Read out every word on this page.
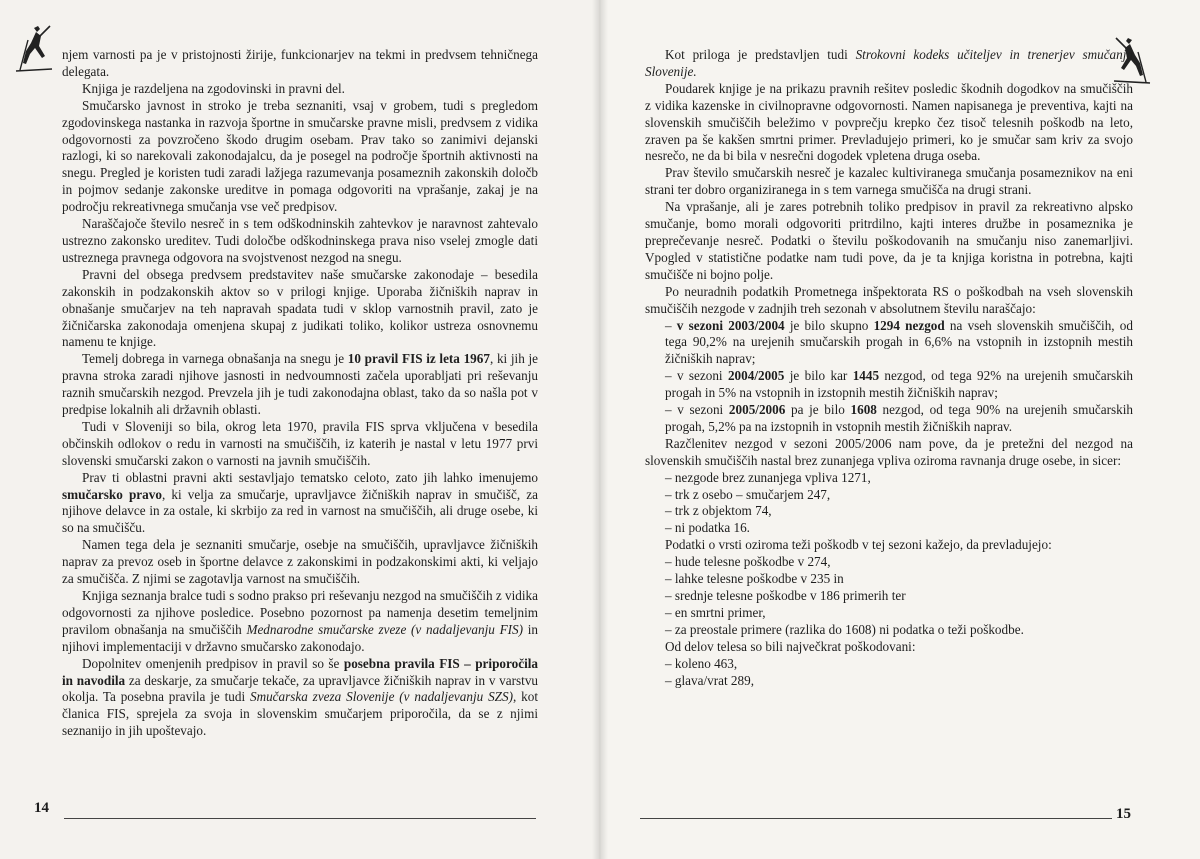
njem varnosti pa je v pristojnosti žirije, funkcionarjev na tekmi in predvsem tehničnega delegata.

Knjiga je razdeljena na zgodovinski in pravni del.

Smučarsko javnost in stroko je treba seznaniti, vsaj v grobem, tudi s pregledom zgodovinskega nastanka in razvoja športne in smučarske pravne misli, predvsem z vidika odgovornosti za povzročeno škodo drugim osebam. Prav tako so zanimivi dejanski razlogi, ki so narekovali zakonodajalcu, da je posegel na področje športnih aktivnosti na snegu. Pregled je koristen tudi zaradi lažjega razumevanja posameznih zakonskih določb in pojmov sedanje zakonske ureditve in pomaga odgovoriti na vprašanje, zakaj je na področju rekreativnega smučanja vse več predpisov.

Naraščajoče število nesreč in s tem odškodninskih zahtevkov je naravnost zahtevalo ustrezno zakonsko ureditev. Tudi določbe odškodninskega prava niso vselej zmogle dati ustreznega pravnega odgovora na svojstvenost nezgod na snegu.

Pravni del obsega predvsem predstavitev naše smučarske zakonodaje – besedila zakonskih in podzakonskih aktov so v prilogi knjige. Uporaba žičniških naprav in obnašanje smučarjev na teh napravah spadata tudi v sklop varnostnih pravil, zato je žičničarska zakonodaja omenjena skupaj z judikati toliko, kolikor ustreza osnovnemu namenu te knjige.

Temelj dobrega in varnega obnašanja na snegu je 10 pravil FIS iz leta 1967, ki jih je pravna stroka zaradi njihove jasnosti in nedvoumnosti začela uporabljati pri reševanju raznih smučarskih nezgod. Prevzela jih je tudi zakonodajna oblast, tako da so našla pot v predpise lokalnih ali državnih oblasti.

Tudi v Sloveniji so bila, okrog leta 1970, pravila FIS sprva vključena v besedila občinskih odlokov o redu in varnosti na smučiščih, iz katerih je nastal v letu 1977 prvi slovenski smučarski zakon o varnosti na javnih smučiščih.

Prav ti oblastni pravni akti sestavljajo tematsko celoto, zato jih lahko imenujemo smučarsko pravo, ki velja za smučarje, upravljavce žičniških naprav in smučišč, za njihove delavce in za ostale, ki skrbijo za red in varnost na smučiščih, ali druge osebe, ki so na smučišču.

Namen tega dela je seznaniti smučarje, osebje na smučiščih, upravljavce žičniških naprav za prevoz oseb in športne delavce z zakonskimi in podzakonskimi akti, ki veljajo za smučišča. Z njimi se zagotavlja varnost na smučiščih.

Knjiga seznanja bralce tudi s sodno prakso pri reševanju nezgod na smučiščih z vidika odgovornosti za njihove posledice. Posebno pozornost pa namenja desetim temeljnim pravilom obnašanja na smučiščih Mednarodne smučarske zveze (v nadaljevanju FIS) in njihovi implementaciji v državno smučarsko zakonodajo.

Dopolnitev omenjenih predpisov in pravil so še posebna pravila FIS – priporočila in navodila za deskarje, za smučarje tekače, za upravljavce žičniških naprav in v varstvu okolja. Ta posebna pravila je tudi Smučarska zveza Slovenije (v nadaljevanju SZS), kot članica FIS, sprejela za svoja in slovenskim smučarjem priporočila, da se z njimi seznanijo in jih upoštevajo.

14

Kot priloga je predstavljen tudi Strokovni kodeks učiteljev in trenerjev smučanja Slovenije.

Poudarek knjige je na prikazu pravnih rešitev posledic škodnih dogodkov na smučiščih z vidika kazenske in civilnopravne odgovornosti. Namen napisanega je preventiva, kajti na slovenskih smučiščih beležimo v povprečju krepko čez tisoč telesnih poškodb na leto, zraven pa še kakšen smrtni primer. Prevladujejo primeri, ko je smučar sam kriv za svojo nesrečo, ne da bi bila v nesrečni dogodek vpletena druga oseba.

Prav število smučarskih nesreč je kazalec kultiviranega smučanja posameznikov na eni strani ter dobro organiziranega in s tem varnega smučišča na drugi strani.

Na vprašanje, ali je zares potrebnih toliko predpisov in pravil za rekreativno alpsko smučanje, bomo morali odgovoriti pritrdilno, kajti interes družbe in posameznika je preprečevanje nesreč. Podatki o številu poškodovanih na smučanju niso zanemarljivi. Vpogled v statistične podatke nam tudi pove, da je ta knjiga koristna in potrebna, kajti smučišče ni bojno polje.

Po neuradnih podatkih Prometnega inšpektorata RS o poškodbah na vseh slovenskih smučiščih nezgode v zadnjih treh sezonah v absolutnem številu naraščajo:

– v sezoni 2003/2004 je bilo skupno 1294 nezgod na vseh slovenskih smučiščih, od tega 90,2% na urejenih smučarskih progah in 6,6% na vstopnih in izstopnih mestih žičniških naprav;

– v sezoni 2004/2005 je bilo kar 1445 nezgod, od tega 92% na urejenih smučarskih progah in 5% na vstopnih in izstopnih mestih žičniških naprav;

– v sezoni 2005/2006 pa je bilo 1608 nezgod, od tega 90% na urejenih smučarskih progah, 5,2% pa na izstopnih in vstopnih mestih žičniških naprav.

Razčlenitev nezgod v sezoni 2005/2006 nam pove, da je pretežni del nezgod na slovenskih smučiščih nastal brez zunanjega vpliva oziroma ravnanja druge osebe, in sicer:

– nezgode brez zunanjega vpliva 1271,

– trk z osebo – smučarjem 247,

– trk z objektom 74,

– ni podatka 16.

Podatki o vrsti oziroma teži poškodb v tej sezoni kažejo, da prevladujejo:

– hude telesne poškodbe v 274,

– lahke telesne poškodbe v 235 in

– srednje telesne poškodbe v 186 primerih ter

– en smrtni primer,

– za preostale primere (razlika do 1608) ni podatka o teži poškodbe.

Od delov telesa so bili največkrat poškodovani:

– koleno 463,

– glava/vrat 289,

15
